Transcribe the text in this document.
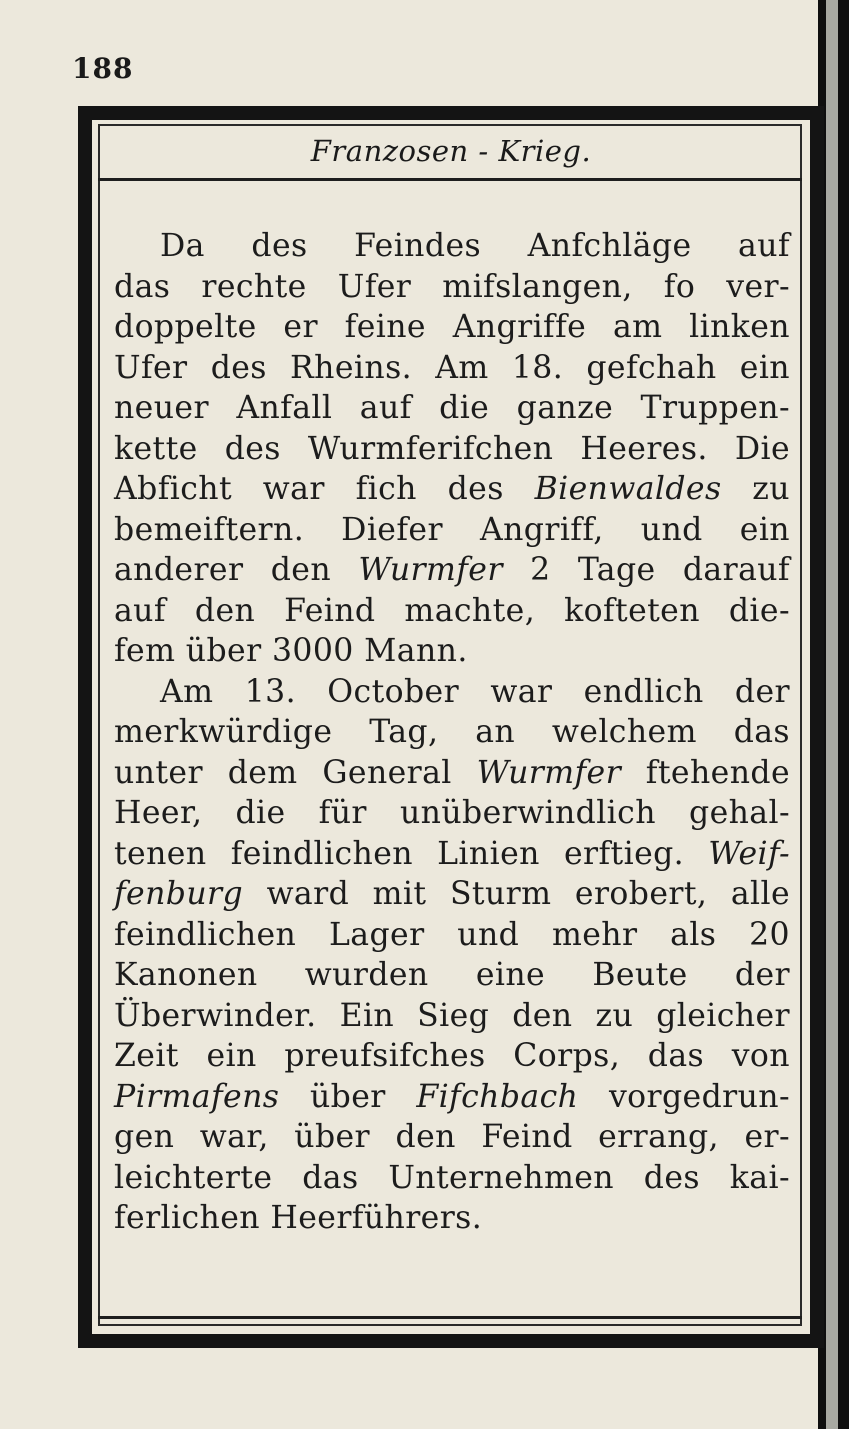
188
Franzosen - Krieg.
Da des Feindes Anfchläge auf
das rechte Ufer mifslangen, fo ver-
doppelte er feine Angriffe am linken
Ufer des Rheins. Am 18. gefchah ein
neuer Anfall auf die ganze Truppen-
kette des Wurmferifchen Heeres. Die
Abficht war fich des Bienwaldes zu
bemeiftern. Diefer Angriff, und ein
anderer den Wurmfer 2 Tage darauf
auf den Feind machte, kofteten die-
fem über 3000 Mann.
Am 13. October war endlich der
merkwürdige Tag, an welchem das
unter dem General Wurmfer ftehende
Heer, die für unüberwindlich gehal-
tenen feindlichen Linien erftieg. Weif-
fenburg ward mit Sturm erobert, alle
feindlichen Lager und mehr als 20
Kanonen wurden eine Beute der
Überwinder. Ein Sieg den zu gleicher
Zeit ein preufsifches Corps, das von
Pirmafens über Fifchbach vorgedrun-
gen war, über den Feind errang, er-
leichterte das Unternehmen des kai-
ferlichen Heerführers.
